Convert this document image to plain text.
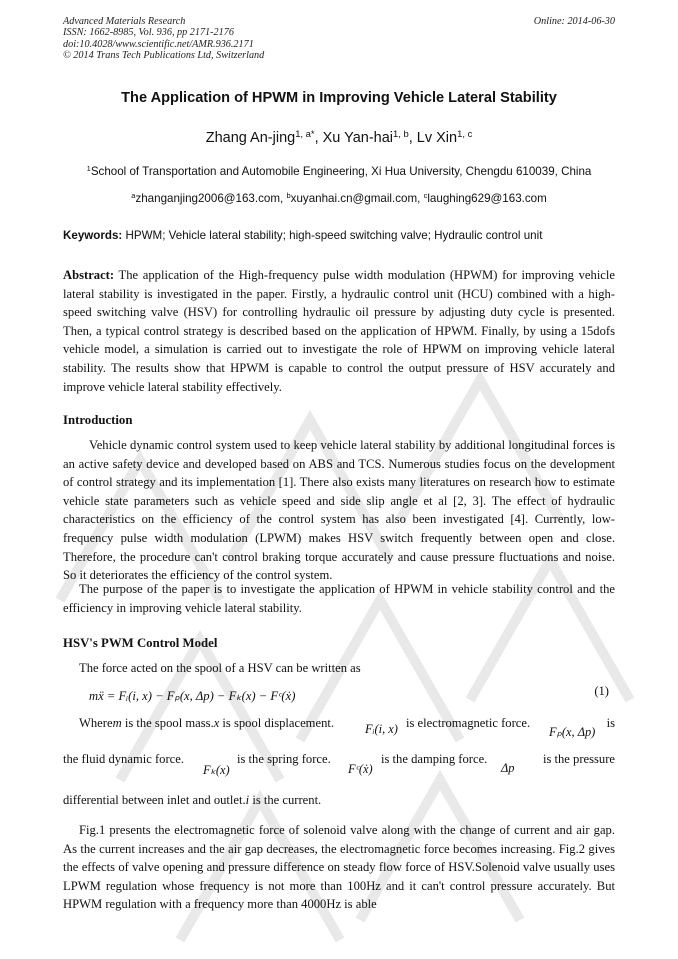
Advanced Materials Research
ISSN: 1662-8985, Vol. 936, pp 2171-2176
doi:10.4028/www.scientific.net/AMR.936.2171
© 2014 Trans Tech Publications Ltd, Switzerland
Online: 2014-06-30
The Application of HPWM in Improving Vehicle Lateral Stability
Zhang An-jing$^{1, a*}$, Xu Yan-hai$^{1, b}$, Lv Xin$^{1, c}$
$^1$School of Transportation and Automobile Engineering, Xi Hua University, Chengdu 610039, China
$^a$zhanganjing2006@163.com, $^b$xuyanhai.cn@gmail.com, $^c$laughing629@163.com
Keywords: HPWM; Vehicle lateral stability; high-speed switching valve; Hydraulic control unit
Abstract: The application of the High-frequency pulse width modulation (HPWM) for improving vehicle lateral stability is investigated in the paper. Firstly, a hydraulic control unit (HCU) combined with a high-speed switching valve (HSV) for controlling hydraulic oil pressure by adjusting duty cycle is presented. Then, a typical control strategy is described based on the application of HPWM. Finally, by using a 15dofs vehicle model, a simulation is carried out to investigate the role of HPWM on improving vehicle lateral stability. The results show that HPWM is capable to control the output pressure of HSV accurately and improve vehicle lateral stability effectively.
Introduction
Vehicle dynamic control system used to keep vehicle lateral stability by additional longitudinal forces is an active safety device and developed based on ABS and TCS. Numerous studies focus on the development of control strategy and its implementation [1]. There also exists many literatures on research how to estimate vehicle state parameters such as vehicle speed and side slip angle et al [2, 3]. The effect of hydraulic characteristics on the efficiency of the control system has also been investigated [4]. Currently, low-frequency pulse width modulation (LPWM) makes HSV switch frequently between open and close. Therefore, the procedure can't control braking torque accurately and cause pressure fluctuations and noise. So it deteriorates the efficiency of the control system.
The purpose of the paper is to investigate the application of HPWM in vehicle stability control and the efficiency in improving vehicle lateral stability.
HSV's PWM Control Model
The force acted on the spool of a HSV can be written as
mẍ = Fᵢ(i, x) − Fₚ(x, Δp) − Fₖ(x) − Fᶜ(ẋ)	(1)
Wherem is the spool mass.x is spool displacement. Fᵢ(i, x) is electromagnetic force.
Fₚ(x, Δp)
is
the fluid dynamic force.
Fₖ(x)
is the spring force.
Fᶜ(ẋ)
is the damping force.
Δp
is the pressure
differential between inlet and outlet.i is the current.
Fig.1 presents the electromagnetic force of solenoid valve along with the change of current and air gap. As the current increases and the air gap decreases, the electromagnetic force becomes increasing. Fig.2 gives the effects of valve opening and pressure difference on steady flow force of HSV.Solenoid valve usually uses LPWM regulation whose frequency is not more than 100Hz and it can't control pressure accurately. But HPWM regulation with a frequency more than 4000Hz is able
